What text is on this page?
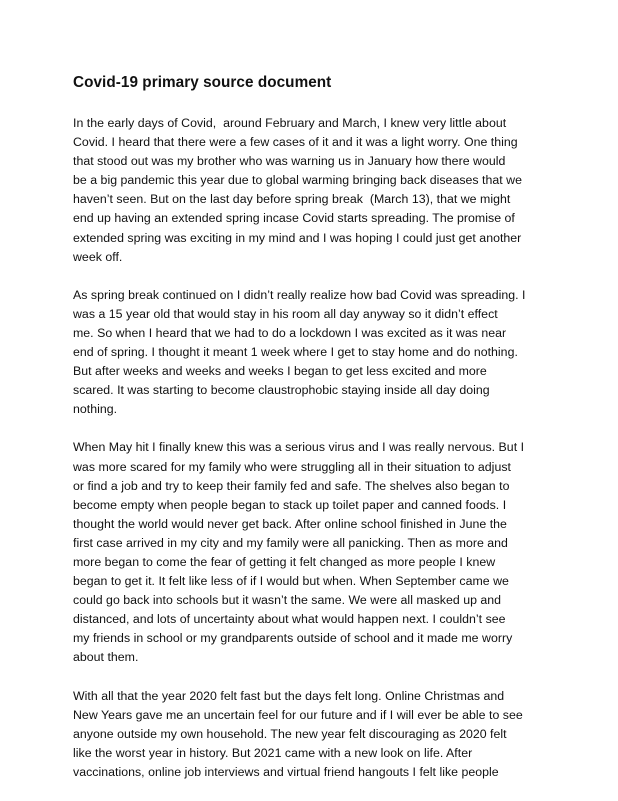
Covid-19 primary source document
In the early days of Covid,  around February and March, I knew very little about
Covid. I heard that there were a few cases of it and it was a light worry. One thing
that stood out was my brother who was warning us in January how there would
be a big pandemic this year due to global warming bringing back diseases that we
haven’t seen. But on the last day before spring break  (March 13), that we might
end up having an extended spring incase Covid starts spreading. The promise of
extended spring was exciting in my mind and I was hoping I could just get another
week off.
As spring break continued on I didn’t really realize how bad Covid was spreading. I
was a 15 year old that would stay in his room all day anyway so it didn’t effect
me. So when I heard that we had to do a lockdown I was excited as it was near
end of spring. I thought it meant 1 week where I get to stay home and do nothing.
But after weeks and weeks and weeks I began to get less excited and more
scared. It was starting to become claustrophobic staying inside all day doing
nothing.
When May hit I finally knew this was a serious virus and I was really nervous. But I
was more scared for my family who were struggling all in their situation to adjust
or find a job and try to keep their family fed and safe. The shelves also began to
become empty when people began to stack up toilet paper and canned foods. I
thought the world would never get back. After online school finished in June the
first case arrived in my city and my family were all panicking. Then as more and
more began to come the fear of getting it felt changed as more people I knew
began to get it. It felt like less of if I would but when. When September came we
could go back into schools but it wasn’t the same. We were all masked up and
distanced, and lots of uncertainty about what would happen next. I couldn’t see
my friends in school or my grandparents outside of school and it made me worry
about them.
With all that the year 2020 felt fast but the days felt long. Online Christmas and
New Years gave me an uncertain feel for our future and if I will ever be able to see
anyone outside my own household. The new year felt discouraging as 2020 felt
like the worst year in history. But 2021 came with a new look on life. After
vaccinations, online job interviews and virtual friend hangouts I felt like people
